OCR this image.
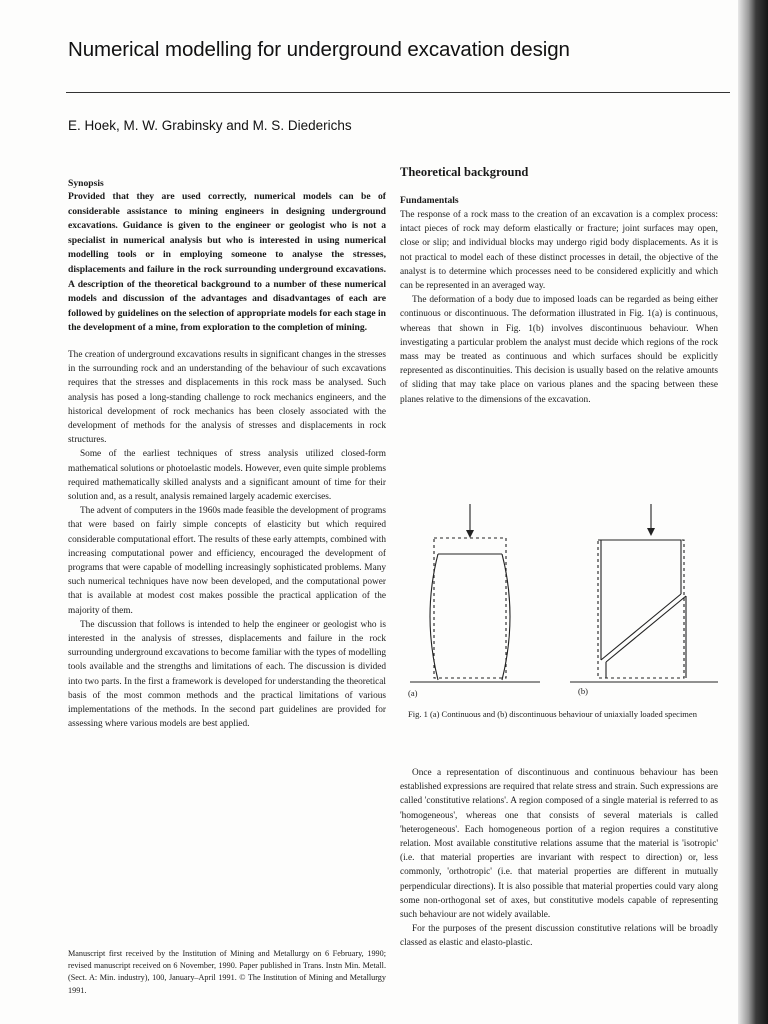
Numerical modelling for underground excavation design
E. Hoek, M. W. Grabinsky and M. S. Diederichs

Synopsis

Provided that they are used correctly, numerical models can be of considerable assistance to mining engineers in designing underground excavations. Guidance is given to the engineer or geologist who is not a specialist in numerical analysis but who is interested in using numerical modelling tools or in employing someone to analyse the stresses, displacements and failure in the rock surrounding underground excavations. A description of the theoretical background to a number of these numerical models and discussion of the advantages and disadvantages of each are followed by guidelines on the selection of appropriate models for each stage in the development of a mine, from exploration to the completion of mining.

The creation of underground excavations results in significant changes in the stresses in the surrounding rock and an understanding of the behaviour of such excavations requires that the stresses and displacements in this rock mass be analysed. Such analysis has posed a long-standing challenge to rock mechanics engineers, and the historical development of rock mechanics has been closely associated with the development of methods for the analysis of stresses and displacements in rock structures.

Some of the earliest techniques of stress analysis utilized closed-form mathematical solutions or photoelastic models. However, even quite simple problems required mathematically skilled analysts and a significant amount of time for their solution and, as a result, analysis remained largely academic exercises.

The advent of computers in the 1960s made feasible the development of programs that were based on fairly simple concepts of elasticity but which required considerable computational effort. The results of these early attempts, combined with increasing computational power and efficiency, encouraged the development of programs that were capable of modelling increasingly sophisticated problems. Many such numerical techniques have now been developed, and the computational power that is available at modest cost makes possible the practical application of the majority of them.

The discussion that follows is intended to help the engineer or geologist who is interested in the analysis of stresses, displacements and failure in the rock surrounding underground excavations to become familiar with the types of modelling tools available and the strengths and limitations of each. The discussion is divided into two parts. In the first a framework is developed for understanding the theoretical basis of the most common methods and the practical limitations of various implementations of the methods. In the second part guidelines are provided for assessing where various models are best applied.

Manuscript first received by the Institution of Mining and Metallurgy on 6 February, 1990; revised manuscript received on 6 November, 1990. Paper published in Trans. Instn Min. Metall. (Sect. A: Min. industry), 100, January–April 1991. © The Institution of Mining and Metallurgy 1991.

Theoretical background

Fundamentals

The response of a rock mass to the creation of an excavation is a complex process: intact pieces of rock may deform elastically or fracture; joint surfaces may open, close or slip; and individual blocks may undergo rigid body displacements. As it is not practical to model each of these distinct processes in detail, the objective of the analyst is to determine which processes need to be considered explicitly and which can be represented in an averaged way.

The deformation of a body due to imposed loads can be regarded as being either continuous or discontinuous. The deformation illustrated in Fig. 1(a) is continuous, whereas that shown in Fig. 1(b) involves discontinuous behaviour. When investigating a particular problem the analyst must decide which regions of the rock mass may be treated as continuous and which surfaces should be explicitly represented as discontinuities. This decision is usually based on the relative amounts of sliding that may take place on various planes and the spacing between these planes relative to the dimensions of the excavation.

(a)	(b)
Fig. 1 (a) Continuous and (b) discontinuous behaviour of uniaxially loaded specimen

Once a representation of discontinuous and continuous behaviour has been established expressions are required that relate stress and strain. Such expressions are called 'constitutive relations'. A region composed of a single material is referred to as 'homogeneous', whereas one that consists of several materials is called 'heterogeneous'. Each homogeneous portion of a region requires a constitutive relation. Most available constitutive relations assume that the material is 'isotropic' (i.e. that material properties are invariant with respect to direction) or, less commonly, 'orthotropic' (i.e. that material properties are different in mutually perpendicular directions). It is also possible that material properties could vary along some non-orthogonal set of axes, but constitutive models capable of representing such behaviour are not widely available.

For the purposes of the present discussion constitutive relations will be broadly classed as elastic and elasto-plastic.
